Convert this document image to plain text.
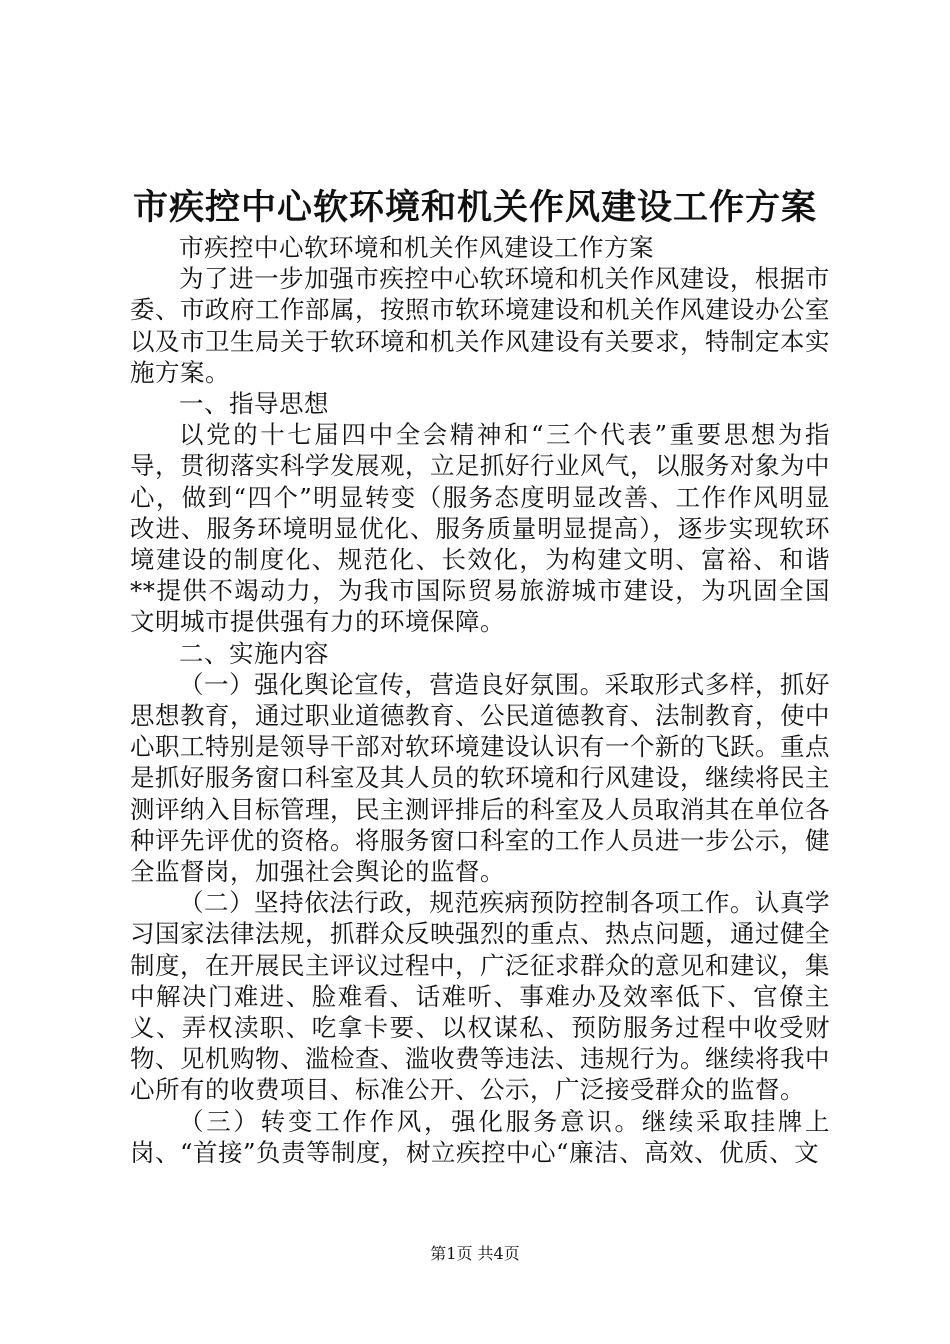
市疾控中心软环境和机关作风建设工作方案

市疾控中心软环境和机关作风建设工作方案

为了进一步加强市疾控中心软环境和机关作风建设，根据市委、市政府工作部属，按照市软环境建设和机关作风建设办公室以及市卫生局关于软环境和机关作风建设有关要求，特制定本实施方案。

一、指导思想

以党的十七届四中全会精神和“三个代表”重要思想为指导，贯彻落实科学发展观，立足抓好行业风气，以服务对象为中心，做到“四个”明显转变（服务态度明显改善、工作作风明显改进、服务环境明显优化、服务质量明显提高），逐步实现软环境建设的制度化、规范化、长效化，为构建文明、富裕、和谐**提供不竭动力，为我市国际贸易旅游城市建设，为巩固全国文明城市提供强有力的环境保障。

二、实施内容

（一）强化舆论宣传，营造良好氛围。采取形式多样，抓好思想教育，通过职业道德教育、公民道德教育、法制教育，使中心职工特别是领导干部对软环境建设认识有一个新的飞跃。重点是抓好服务窗口科室及其人员的软环境和行风建设，继续将民主测评纳入目标管理，民主测评排后的科室及人员取消其在单位各种评先评优的资格。将服务窗口科室的工作人员进一步公示，健全监督岗，加强社会舆论的监督。

（二）坚持依法行政，规范疾病预防控制各项工作。认真学习国家法律法规，抓群众反映强烈的重点、热点问题，通过健全制度，在开展民主评议过程中，广泛征求群众的意见和建议，集中解决门难进、脸难看、话难听、事难办及效率低下、官僚主义、弄权渎职、吃拿卡要、以权谋私、预防服务过程中收受财物、见机购物、滥检查、滥收费等违法、违规行为。继续将我中心所有的收费项目、标准公开、公示，广泛接受群众的监督。

（三）转变工作作风，强化服务意识。继续采取挂牌上岗、“首接”负责等制度，树立疾控中心“廉洁、高效、优质、文

第1页 共4页
